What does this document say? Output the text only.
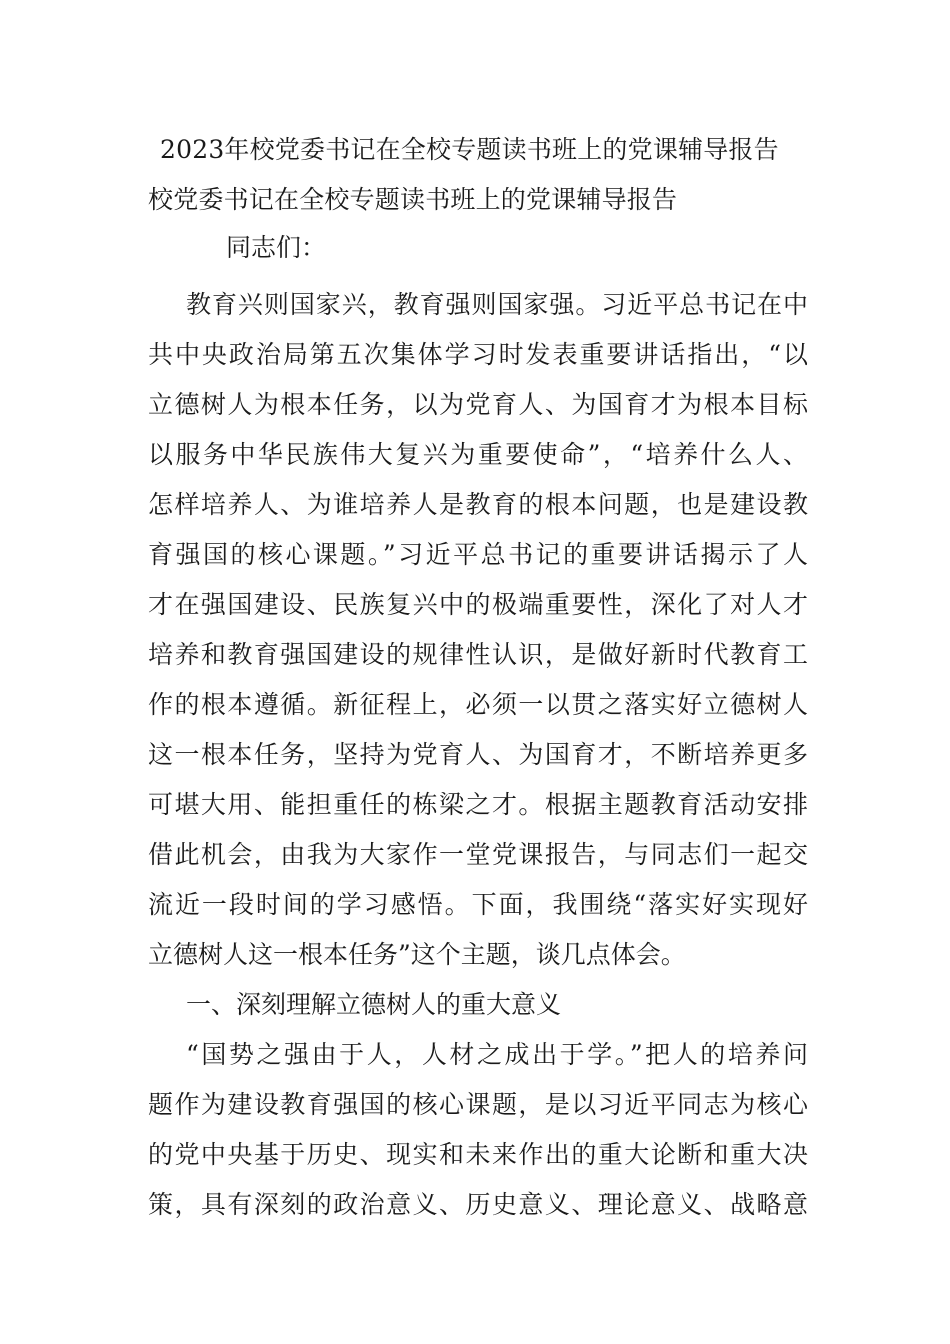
2023年校党委书记在全校专题读书班上的党课辅导报告
校党委书记在全校专题读书班上的党课辅导报告
同志们：
教育兴则国家兴，教育强则国家强。习近平总书记在中
共中央政治局第五次集体学习时发表重要讲话指出，“以
立德树人为根本任务，以为党育人、为国育才为根本目标
以服务中华民族伟大复兴为重要使命”，“培养什么人、
怎样培养人、为谁培养人是教育的根本问题，也是建设教
育强国的核心课题。”习近平总书记的重要讲话揭示了人
才在强国建设、民族复兴中的极端重要性，深化了对人才
培养和教育强国建设的规律性认识，是做好新时代教育工
作的根本遵循。新征程上，必须一以贯之落实好立德树人
这一根本任务，坚持为党育人、为国育才，不断培养更多
可堪大用、能担重任的栋梁之才。根据主题教育活动安排
借此机会，由我为大家作一堂党课报告，与同志们一起交
流近一段时间的学习感悟。下面，我围绕“落实好实现好
立德树人这一根本任务”这个主题，谈几点体会。
一、深刻理解立德树人的重大意义
“国势之强由于人，人材之成出于学。”把人的培养问
题作为建设教育强国的核心课题，是以习近平同志为核心
的党中央基于历史、现实和未来作出的重大论断和重大决
策，具有深刻的政治意义、历史意义、理论意义、战略意
